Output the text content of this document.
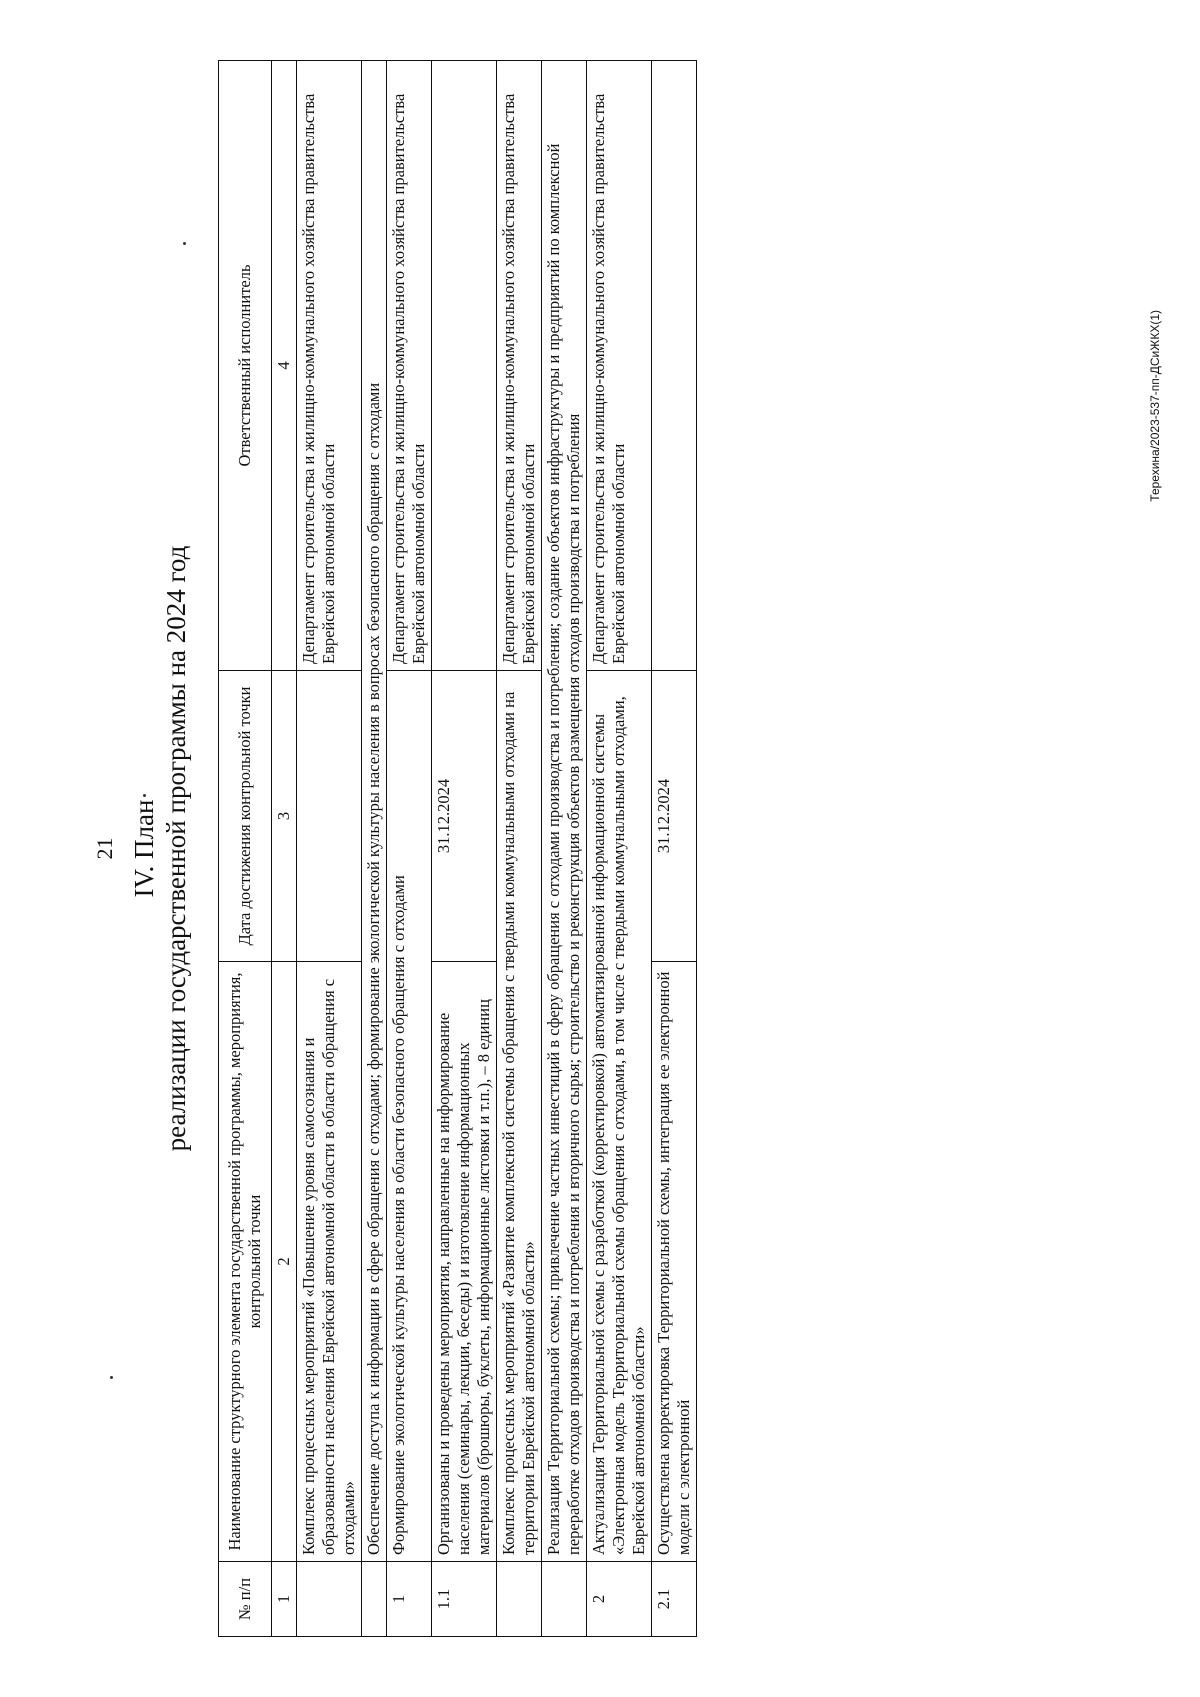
21 IV. План реализации государственной программы на 2024 год
№ п/п	Наименование структурного элемента государственной программы, мероприятия, контрольной точки	Дата достижения контрольной точки	Ответственный исполнитель
1	2	3	4
	Комплекс процессных мероприятий «Повышение уровня самосознания и образованности населения Еврейской автономной области в области обращения с отходами»		Департамент строительства и жилищно-коммунального хозяйства правительства Еврейской автономной области
	Обеспечение доступа к информации в сфере обращения с отходами; формирование экологической культуры населения в вопросах безопасного обращения с отходами		
1	Формирование экологической культуры населения в области безопасного обращения с отходами		Департамент строительства и жилищно-коммунального хозяйства правительства Еврейской автономной области
1.1	Организованы и проведены мероприятия, направленные на информирование населения (семинары, лекции, беседы) и изготовление информационных материалов (брошюры, буклеты, информационные листовки и т.п.), – 8 единиц	31.12.2024	
	Комплекс процессных мероприятий «Развитие комплексной системы обращения с твердыми коммунальными отходами на территории Еврейской автономной области»		Департамент строительства и жилищно-коммунального хозяйства правительства Еврейской автономной области
	Реализация Территориальной схемы; привлечение частных инвестиций в сферу обращения с отходами производства и потребления; создание объектов инфраструктуры и предприятий по комплексной переработке отходов производства и потребления и вторичного сырья; строительство и реконструкция объектов размещения отходов производства и потребления		
2	Актуализация Территориальной схемы с разработкой (корректировкой) автоматизированной информационной системы «Электронная модель Территориальной схемы обращения с отходами, в том числе с твердыми коммунальными отходами, Еврейской автономной области»		Департамент строительства и жилищно-коммунального хозяйства правительства Еврейской автономной области
2.1	Осуществлена корректировка Территориальной схемы, интеграция ее электронной модели с электронной	31.12.2024	
Терехина/2023-537-пп-ДСиЖКХ(1)
